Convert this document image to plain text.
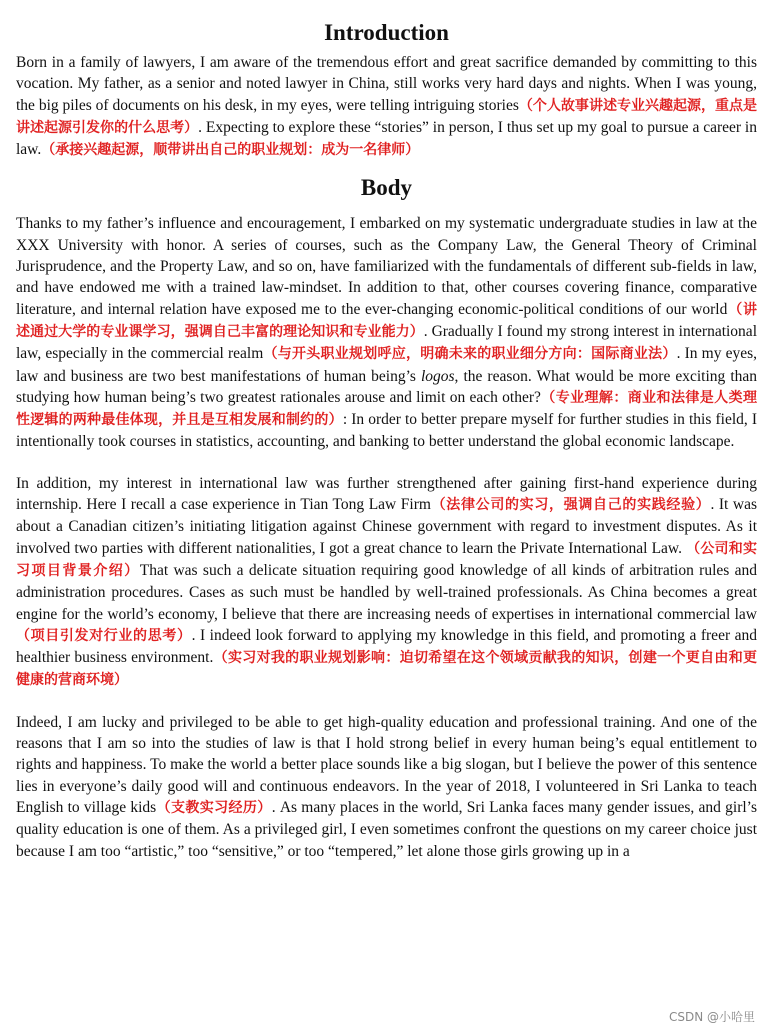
Introduction

Born in a family of lawyers, I am aware of the tremendous effort and great sacrifice demanded by committing to this vocation. My father, as a senior and noted lawyer in China, still works very hard days and nights. When I was young, the big piles of documents on his desk, in my eyes, were telling intriguing stories（个人故事讲述专业兴趣起源，重点是讲述起源引发你的什么思考）. Expecting to explore these “stories” in person, I thus set up my goal to pursue a career in law.（承接兴趣起源，顺带讲出自己的职业规划：成为一名律师）

Body

Thanks to my father’s influence and encouragement, I embarked on my systematic undergraduate studies in law at the XXX University with honor. A series of courses, such as the Company Law, the General Theory of Criminal Jurisprudence, and the Property Law, and so on, have familiarized with the fundamentals of different sub-fields in law, and have endowed me with a trained law-mindset. In addition to that, other courses covering finance, comparative literature, and internal relation have exposed me to the ever-changing economic-political conditions of our world（讲述通过大学的专业课学习，强调自己丰富的理论知识和专业能力）. Gradually I found my strong interest in international law, especially in the commercial realm（与开头职业规划呼应，明确未来的职业细分方向：国际商业法）. In my eyes, law and business are two best manifestations of human being’s logos, the reason. What would be more exciting than studying how human being’s two greatest rationales arouse and limit on each other?（专业理解：商业和法律是人类理性逻辑的两种最佳体现，并且是互相发展和制约的）: In order to better prepare myself for further studies in this field, I intentionally took courses in statistics, accounting, and banking to better understand the global economic landscape.

In addition, my interest in international law was further strengthened after gaining first-hand experience during internship. Here I recall a case experience in Tian Tong Law Firm（法律公司的实习，强调自己的实践经验）. It was about a Canadian citizen’s initiating litigation against Chinese government with regard to investment disputes. As it involved two parties with different nationalities, I got a great chance to learn the Private International Law. （公司和实习项目背景介绍）That was such a delicate situation requiring good knowledge of all kinds of arbitration rules and administration procedures. Cases as such must be handled by well-trained professionals. As China becomes a great engine for the world’s economy, I believe that there are increasing needs of expertises in international commercial law（项目引发对行业的思考）. I indeed look forward to applying my knowledge in this field, and promoting a freer and healthier business environment.（实习对我的职业规划影响：迫切希望在这个领域贡献我的知识，创建一个更自由和更健康的营商环境）

Indeed, I am lucky and privileged to be able to get high-quality education and professional training. And one of the reasons that I am so into the studies of law is that I hold strong belief in every human being’s equal entitlement to rights and happiness. To make the world a better place sounds like a big slogan, but I believe the power of this sentence lies in everyone’s daily good will and continuous endeavors. In the year of 2018, I volunteered in Sri Lanka to teach English to village kids（支教实习经历）. As many places in the world, Sri Lanka faces many gender issues, and girl’s quality education is one of them. As a privileged girl, I even sometimes confront the questions on my career choice just because I am too “artistic,” too “sensitive,” or too “tempered,” let alone those girls growing up in a

CSDN @小哈里
